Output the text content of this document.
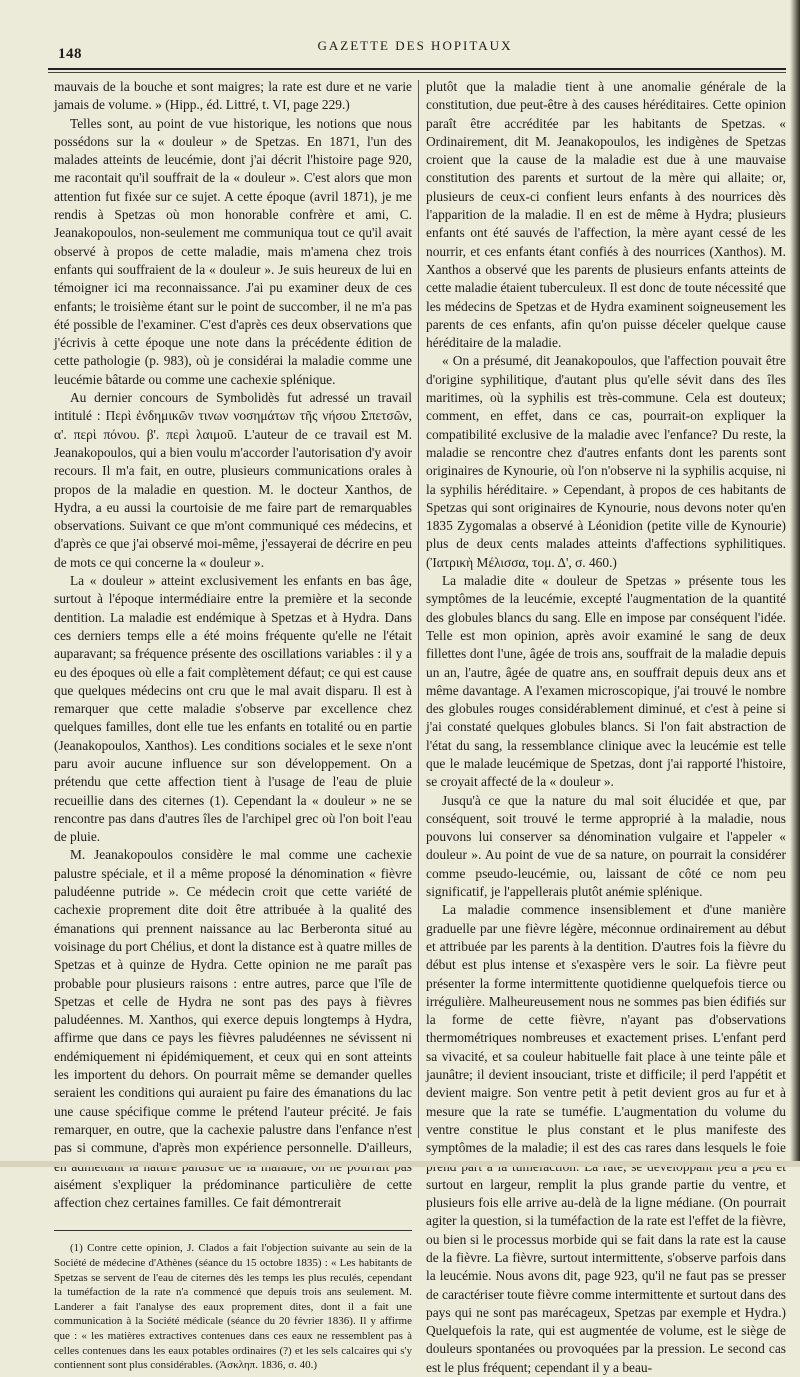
148
GAZETTE DES HOPITAUX

mauvais de la bouche et sont maigres; la rate est dure et ne varie jamais de volume. » (Hipp., éd. Littré, t. VI, page 229.)

Telles sont, au point de vue historique, les notions que nous possédons sur la « douleur » de Spetzas. En 1871, l'un des malades atteints de leucémie, dont j'ai décrit l'histoire page 920, me racontait qu'il souffrait de la « douleur ». C'est alors que mon attention fut fixée sur ce sujet. A cette époque (avril 1871), je me rendis à Spetzas où mon honorable confrère et ami, C. Jeanakopoulos, non-seulement me communiqua tout ce qu'il avait observé à propos de cette maladie, mais m'amena chez trois enfants qui souffraient de la « douleur ». Je suis heureux de lui en témoigner ici ma reconnaissance. J'ai pu examiner deux de ces enfants; le troisième étant sur le point de succomber, il ne m'a pas été possible de l'examiner. C'est d'après ces deux observations que j'écrivis à cette époque une note dans la précédente édition de cette pathologie (p. 983), où je considérai la maladie comme une leucémie bâtarde ou comme une cachexie splénique.

Au dernier concours de Symbolidès fut adressé un travail intitulé : Περὶ ἐνδημικῶν τινων νοσημάτων τῆς νήσου Σπετσῶν, α'. περὶ πόνου. β'. περὶ λαιμοῦ. L'auteur de ce travail est M. Jeanakopoulos, qui a bien voulu m'accorder l'autorisation d'y avoir recours. Il m'a fait, en outre, plusieurs communications orales à propos de la maladie en question. M. le docteur Xanthos, de Hydra, a eu aussi la courtoisie de me faire part de remarquables observations. Suivant ce que m'ont communiqué ces médecins, et d'après ce que j'ai observé moi-même, j'essayerai de décrire en peu de mots ce qui concerne la « douleur ».

La « douleur » atteint exclusivement les enfants en bas âge, surtout à l'époque intermédiaire entre la première et la seconde dentition. La maladie est endémique à Spetzas et à Hydra. Dans ces derniers temps elle a été moins fréquente qu'elle ne l'était auparavant; sa fréquence présente des oscillations variables : il y a eu des époques où elle a fait complètement défaut; ce qui est cause que quelques médecins ont cru que le mal avait disparu. Il est à remarquer que cette maladie s'observe par excellence chez quelques familles, dont elle tue les enfants en totalité ou en partie (Jeanakopoulos, Xanthos). Les conditions sociales et le sexe n'ont paru avoir aucune influence sur son développement. On a prétendu que cette affection tient à l'usage de l'eau de pluie recueillie dans des citernes (1). Cependant la « douleur » ne se rencontre pas dans d'autres îles de l'archipel grec où l'on boit l'eau de pluie.

M. Jeanakopoulos considère le mal comme une cachexie palustre spéciale, et il a même proposé la dénomination « fièvre paludéenne putride ». Ce médecin croit que cette variété de cachexie proprement dite doit être attribuée à la qualité des émanations qui prennent naissance au lac Berberonta situé au voisinage du port Chélius, et dont la distance est à quatre milles de Spetzas et à quinze de Hydra. Cette opinion ne me paraît pas probable pour plusieurs raisons : entre autres, parce que l'île de Spetzas et celle de Hydra ne sont pas des pays à fièvres paludéennes. M. Xanthos, qui exerce depuis longtemps à Hydra, affirme que dans ce pays les fièvres paludéennes ne sévissent ni endémiquement ni épidémiquement, et ceux qui en sont atteints les importent du dehors. On pourrait même se demander quelles seraient les conditions qui auraient pu faire des émanations du lac une cause spécifique comme le prétend l'auteur précité. Je fais remarquer, en outre, que la cachexie palustre dans l'enfance n'est pas si commune, d'après mon expérience personnelle. D'ailleurs, aisément s'expliquer la prédominance particulière de cette affection chez certaines familles. Ce fait démontrerait

(1) Contre cette opinion, J. Clados a fait l'objection suivante au sein de la Société de médecine d'Athènes (séance du 15 octobre 1835) : « Les habitants de Spetzas se servent de l'eau de citernes dès les temps les plus reculés, cependant la tuméfaction de la rate n'a commencé que depuis trois ans seulement. M. Landerer a fait l'analyse des eaux proprement dites, dont il a fait une communication à la Société médicale (séance du 20 février 1836). Il y affirme que : « les matières extractives contenues dans ces eaux ne ressemblent pas à celles contenues dans les eaux potables ordinaires (?) et les sels calcaires qui s'y contiennent sont plus considérables. (Ἀσκληπ. 1836, σ. 40.)

plutôt que la maladie tient à une anomalie générale de la constitution, due peut-être à des causes héréditaires. Cette opinion paraît être accréditée par les habitants de Spetzas. « Ordinairement, dit M. Jeanakopoulos, les indigènes de Spetzas croient que la cause de la maladie est due à une mauvaise constitution des parents et surtout de la mère qui allaite; or, plusieurs de ceux-ci confient leurs enfants à des nourrices dès l'apparition de la maladie. Il en est de même à Hydra; plusieurs enfants ont été sauvés de l'affection, la mère ayant cessé de les nourrir, et ces enfants étant confiés à des nourrices (Xanthos). M. Xanthos a observé que les parents de plusieurs enfants atteints de cette maladie étaient tuberculeux. Il est donc de toute nécessité que les médecins de Spetzas et de Hydra examinent soigneusement les parents de ces enfants, afin qu'on puisse déceler quelque cause héréditaire de la maladie.

« On a présumé, dit Jeanakopoulos, que l'affection pouvait être d'origine syphilitique, d'autant plus qu'elle sévit dans des îles maritimes, où la syphilis est très-commune. Cela est douteux; comment, en effet, dans ce cas, pourrait-on expliquer la compatibilité exclusive de la maladie avec l'enfance? Du reste, la maladie se rencontre chez d'autres enfants dont les parents sont originaires de Kynourie, où l'on n'observe ni la syphilis acquise, ni la syphilis héréditaire. » Cependant, à propos de ces habitants de Spetzas qui sont originaires de Kynourie, nous devons noter qu'en 1835 Zygomalas a observé à Léonidion (petite ville de Kynourie) plus de deux cents malades atteints d'affections syphilitiques. (Ἰατρικὴ Μέλισσα, τομ. Δ', σ. 460.)

La maladie dite « douleur de Spetzas » présente tous les symptômes de la leucémie, excepté l'augmentation de la quantité des globules blancs du sang. Elle en impose par conséquent l'idée. Telle est mon opinion, après avoir examiné le sang de deux fillettes dont l'une, âgée de trois ans, souffrait de la maladie depuis un an, l'autre, âgée de quatre ans, en souffrait depuis deux ans et même davantage. A l'examen microscopique, j'ai trouvé le nombre des globules rouges considérablement diminué, et c'est à peine si j'ai constaté quelques globules blancs. Si l'on fait abstraction de l'état du sang, la ressemblance clinique avec la leucémie est telle que le malade leucémique de Spetzas, dont j'ai rapporté l'histoire, se croyait affecté de la « douleur ».

Jusqu'à ce que la nature du mal soit élucidée et que, par conséquent, soit trouvé le terme approprié à la maladie, nous pouvons lui conserver sa dénomination vulgaire et l'appeler « douleur ». Au point de vue de sa nature, on pourrait la considérer comme pseudo-leucémie, ou, laissant de côté ce nom peu significatif, je l'appellerais plutôt anémie splénique.

La maladie commence insensiblement et d'une manière graduelle par une fièvre légère, méconnue ordinairement au début et attribuée par les parents à la dentition. D'autres fois la fièvre du début est plus intense et s'exaspère vers le soir. La fièvre peut présenter la forme intermittente quotidienne quelquefois tierce ou irrégulière. Malheureusement nous ne sommes pas bien édifiés sur la forme de cette fièvre, n'ayant pas d'observations thermométriques nombreuses et exactement prises. L'enfant perd sa vivacité, et sa couleur habituelle fait place à une teinte pâle et jaunâtre; il devient insouciant, triste et difficile; il perd l'appétit et devient maigre. Son ventre petit à petit devient gros au fur et à mesure que la rate se tuméfie. L'augmentation du volume du ventre constitue le plus constant et le plus manifeste des symptômes de la maladie; il est des cas rares dans lesquels le foie surtout en largeur, remplit la plus grande partie du ventre, et plusieurs fois elle arrive au-delà de la ligne médiane. (On pourrait agiter la question, si la tuméfaction de la rate est l'effet de la fièvre, ou bien si le processus morbide qui se fait dans la rate est la cause de la fièvre. La fièvre, surtout intermittente, s'observe parfois dans la leucémie. Nous avons dit, page 923, qu'il ne faut pas se presser de caractériser toute fièvre comme intermittente et surtout dans des pays qui ne sont pas marécageux, Spetzas par exemple et Hydra.) Quelquefois la rate, qui est augmentée de volume, est le siège de douleurs spontanées ou provoquées par la pression. Le second cas est le plus fréquent; cependant il y a beau-
